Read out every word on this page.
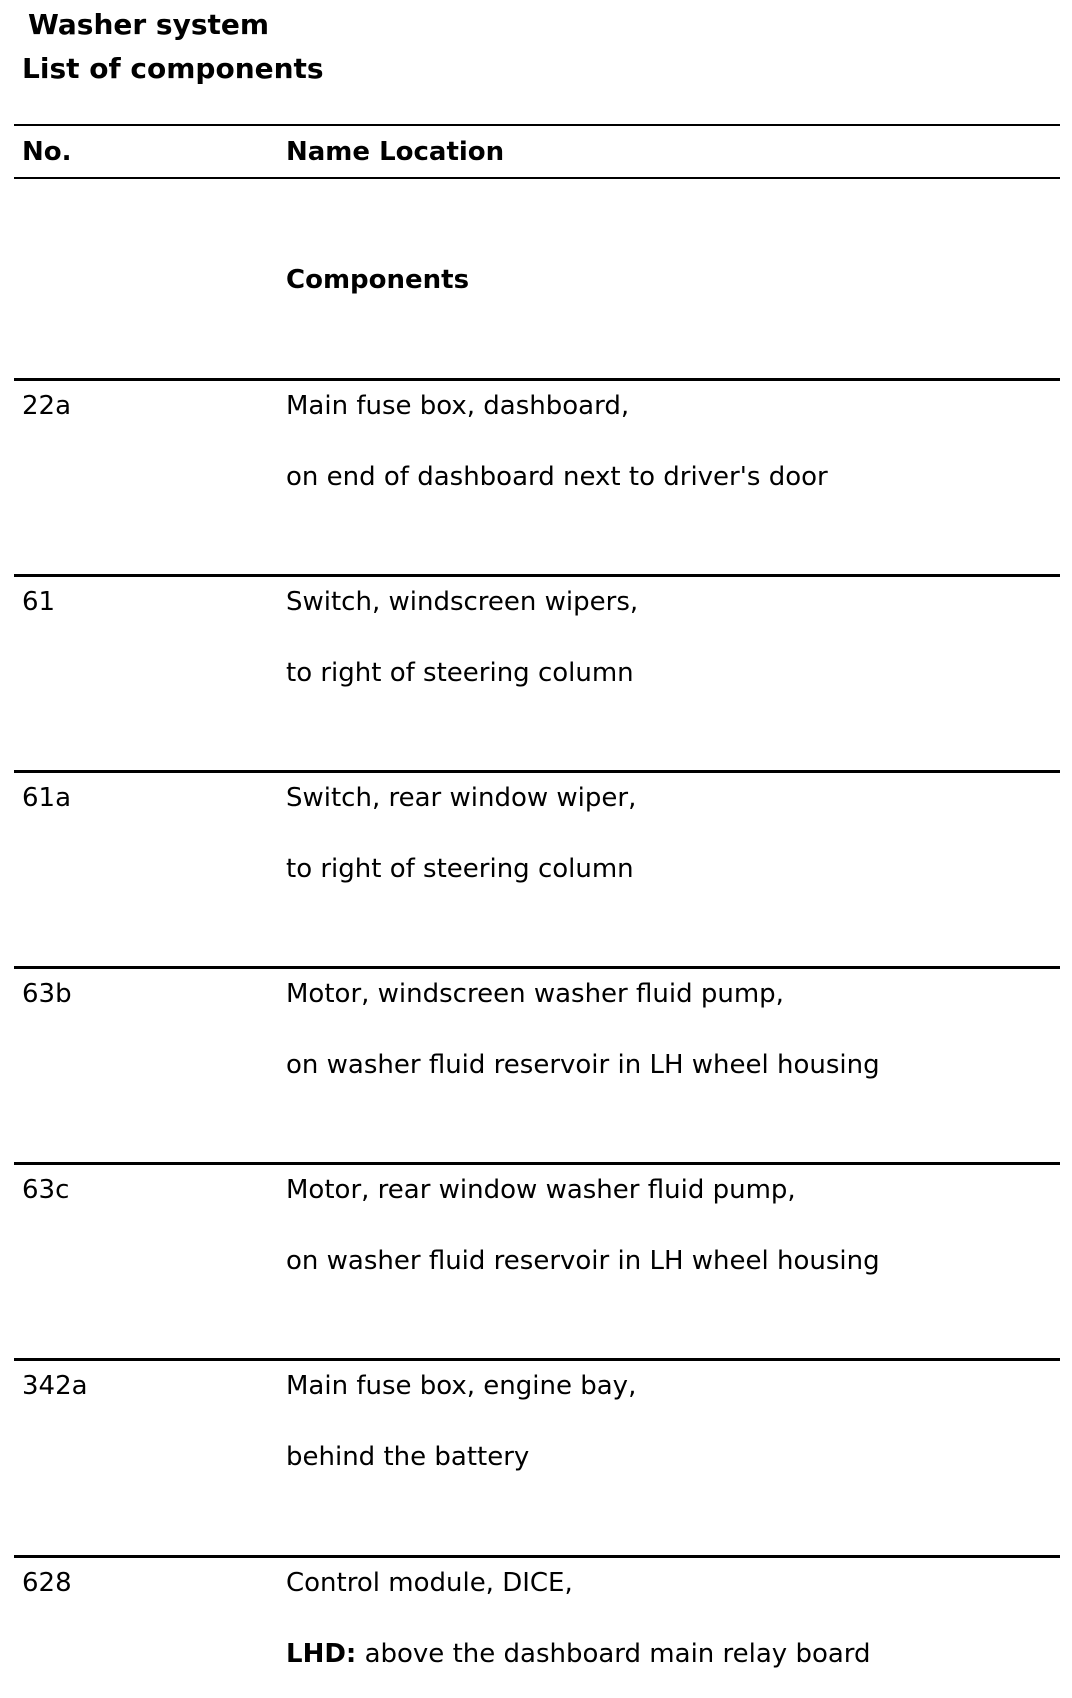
Washer system
List of components
No.	Name Location
Components
22a	Main fuse box, dashboard,
on end of dashboard next to driver's door
61	Switch, windscreen wipers,
to right of steering column
61a	Switch, rear window wiper,
to right of steering column
63b	Motor, windscreen washer fluid pump,
on washer fluid reservoir in LH wheel housing
63c	Motor, rear window washer fluid pump,
on washer fluid reservoir in LH wheel housing
342a	Main fuse box, engine bay,
behind the battery
628	Control module, DICE,
LHD: above the dashboard main relay board
